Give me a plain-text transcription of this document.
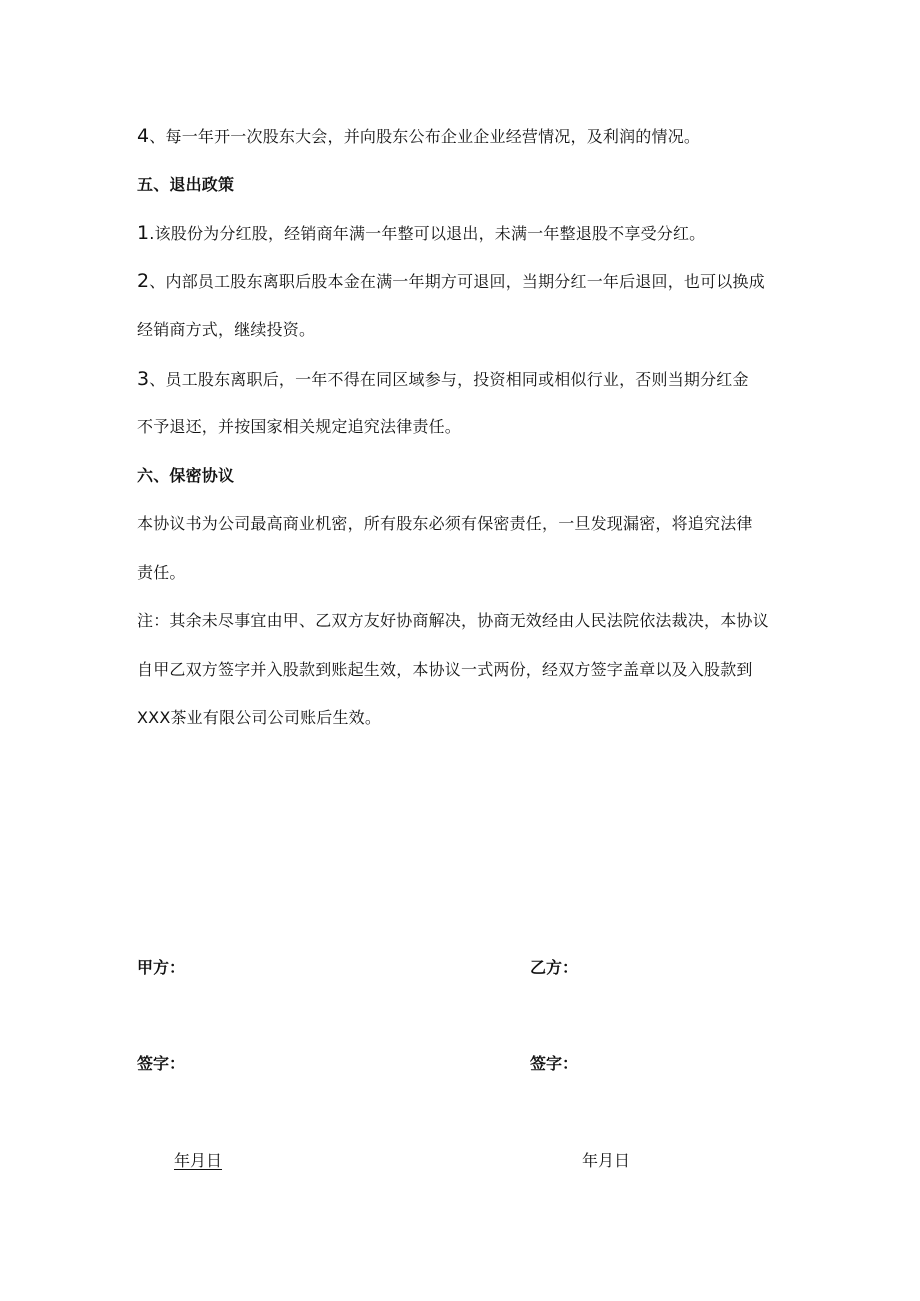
4、每一年开一次股东大会，并向股东公布企业企业经营情况，及利润的情况。
五、退出政策
1.该股份为分红股，经销商年满一年整可以退出，未满一年整退股不享受分红。
2、内部员工股东离职后股本金在满一年期方可退回，当期分红一年后退回，也可以换成
经销商方式，继续投资。
3、员工股东离职后，一年不得在同区域参与，投资相同或相似行业，否则当期分红金
不予退还，并按国家相关规定追究法律责任。
六、保密协议
本协议书为公司最高商业机密，所有股东必须有保密责任，一旦发现漏密，将追究法律
责任。
注：其余未尽事宜由甲、乙双方友好协商解决，协商无效经由人民法院依法裁决，本协议
自甲乙双方签字并入股款到账起生效，本协议一式两份，经双方签字盖章以及入股款到
XXX茶业有限公司公司账后生效。
甲方：	乙方：
签字：	签字：
年月日	年月日
